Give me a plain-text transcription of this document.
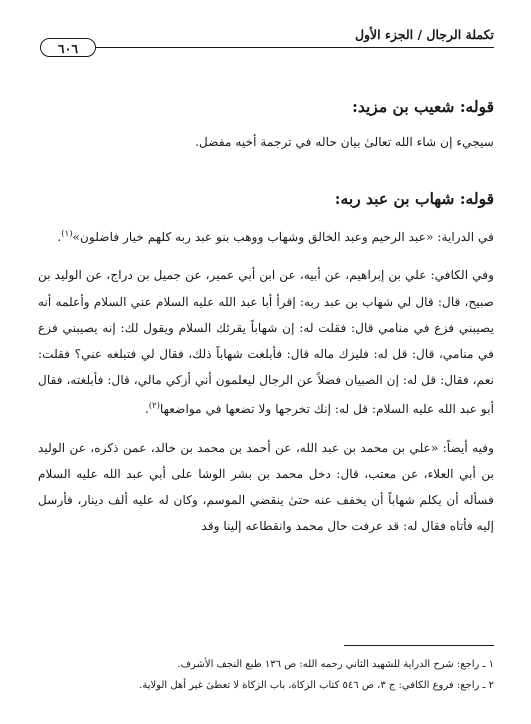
تكملة الرجال / الجزء الأول
٦٠٦
قوله: شعيب بن مزيد:

سيجيء إن شاء الله تعالىٰ بيان حاله في ترجمة أخيه مفضل.

قوله: شهاب بن عبد ربه:

في الدراية: «عبد الرحيم وعبد الخالق وشهاب ووهب بنو عبد ربه كلهم خيار فاضلون»$^{(١)}$.

وفي الكافي: علي بن إبراهيم، عن أبيه، عن ابن أبي عمير، عن جميل بن دراج، عن الوليد بن صبيح، قال: قال لي شهاب بن عبد ربه: إقرأ أبا عبد الله عليه السلام عني السلام وأعلمه أنه يصيبني فزع في منامي قال: فقلت له: إن شهاباً يقرئك السلام ويقول لك: إنه يصيبني فزع في منامي، قال: قل له: فليزك ماله قال: فأبلغت شهاباً ذلك، فقال لي فتبلغه عني؟ فقلت: نعم، فقال: قل له: إن الصبيان فضلاً عن الرجال ليعلمون أني أزكي مالي، قال: فأبلغته، فقال أبو عبد الله عليه السلام: قل له: إنك تخرجها ولا تضعها في مواضعها$^{(٢)}$.

وفيه أيضاً: «علي بن محمد بن عبد الله، عن أحمد بن محمد بن خالد، عمن ذكره، عن الوليد بن أبي العلاء، عن معتب، قال: دخل محمد بن بشر الوشا على أبي عبد الله عليه السلام فسأله أن يكلم شهاباً أن يخفف عنه حتىٰ ينقضي الموسم، وكان له عليه ألف دينار، فأرسل إليه فأتاه فقال له: قد عرفت حال محمد وانقطاعه إلينا وقد

١ ـ راجع: شرح الدراية للشهيد الثاني رحمه الله: ص ١٣٦ طبع النجف الأشرف.

٢ ـ راجع: فروع الكافي: ج ٣، ص ٥٤٦ كتاب الزكاة، باب الزكاة لا تعطىٰ غير أهل الولاية.
